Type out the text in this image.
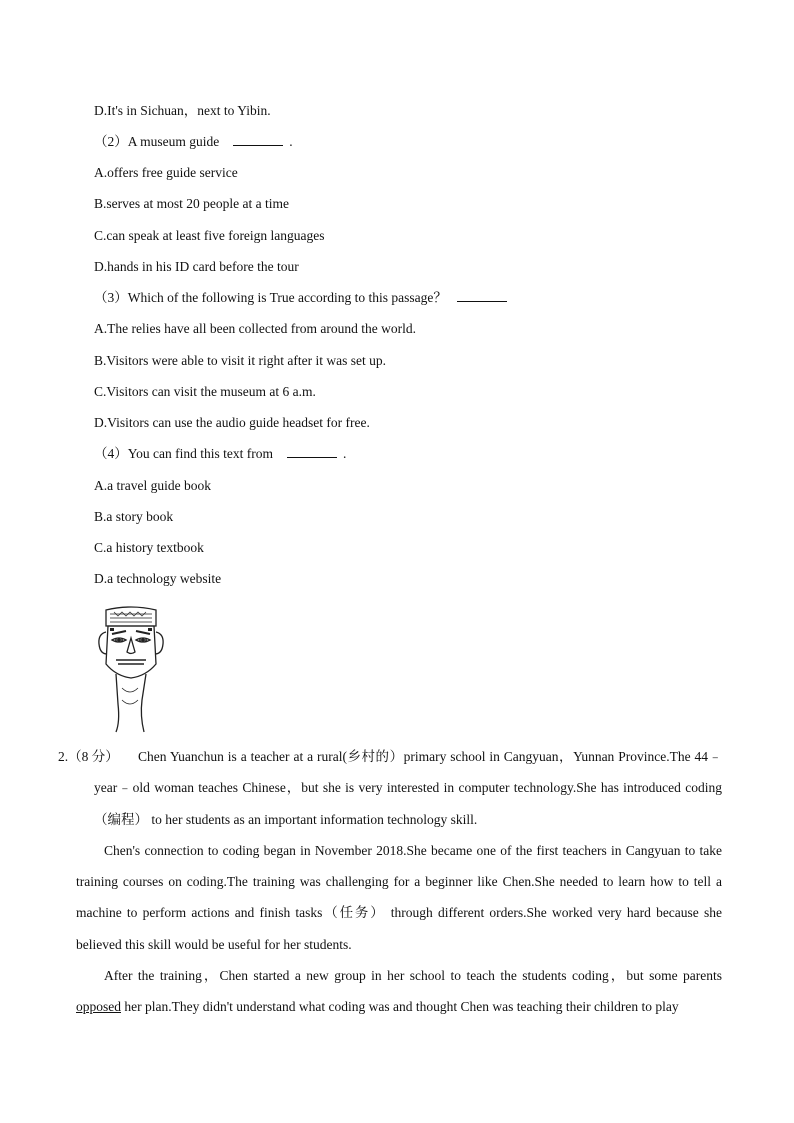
D.It's in Sichuan，next to Yibin.
（2）A museum guide	.
A.offers free guide service
B.serves at most 20 people at a time
C.can speak at least five foreign languages
D.hands in his ID card before the tour
（3）Which of the following is True according to this passage？
A.The relies have all been collected from around the world.
B.Visitors were able to visit it right after it was set up.
C.Visitors can visit the museum at 6 a.m.
D.Visitors can use the audio guide headset for free.
（4）You can find this text from	.
A.a travel guide book
B.a story book
C.a history textbook
D.a technology website

2.（8 分） Chen Yuanchun is a teacher at a rural(乡村的）primary school in Cangyuan，Yunnan Province.The 44﹣year﹣old woman teaches Chinese，but she is very interested in computer technology.She has introduced coding（编程） to her students as an important information technology skill.

Chen's connection to coding began in November 2018.She became one of the first teachers in Cangyuan to take training courses on coding.The training was challenging for a beginner like Chen.She needed to learn how to tell a machine to perform actions and finish tasks（任务） through different orders.She worked very hard because she believed this skill would be useful for her students.

After the training，Chen started a new group in her school to teach the students coding，but some parents opposed her plan.They didn't understand what coding was and thought Chen was teaching their children to play
